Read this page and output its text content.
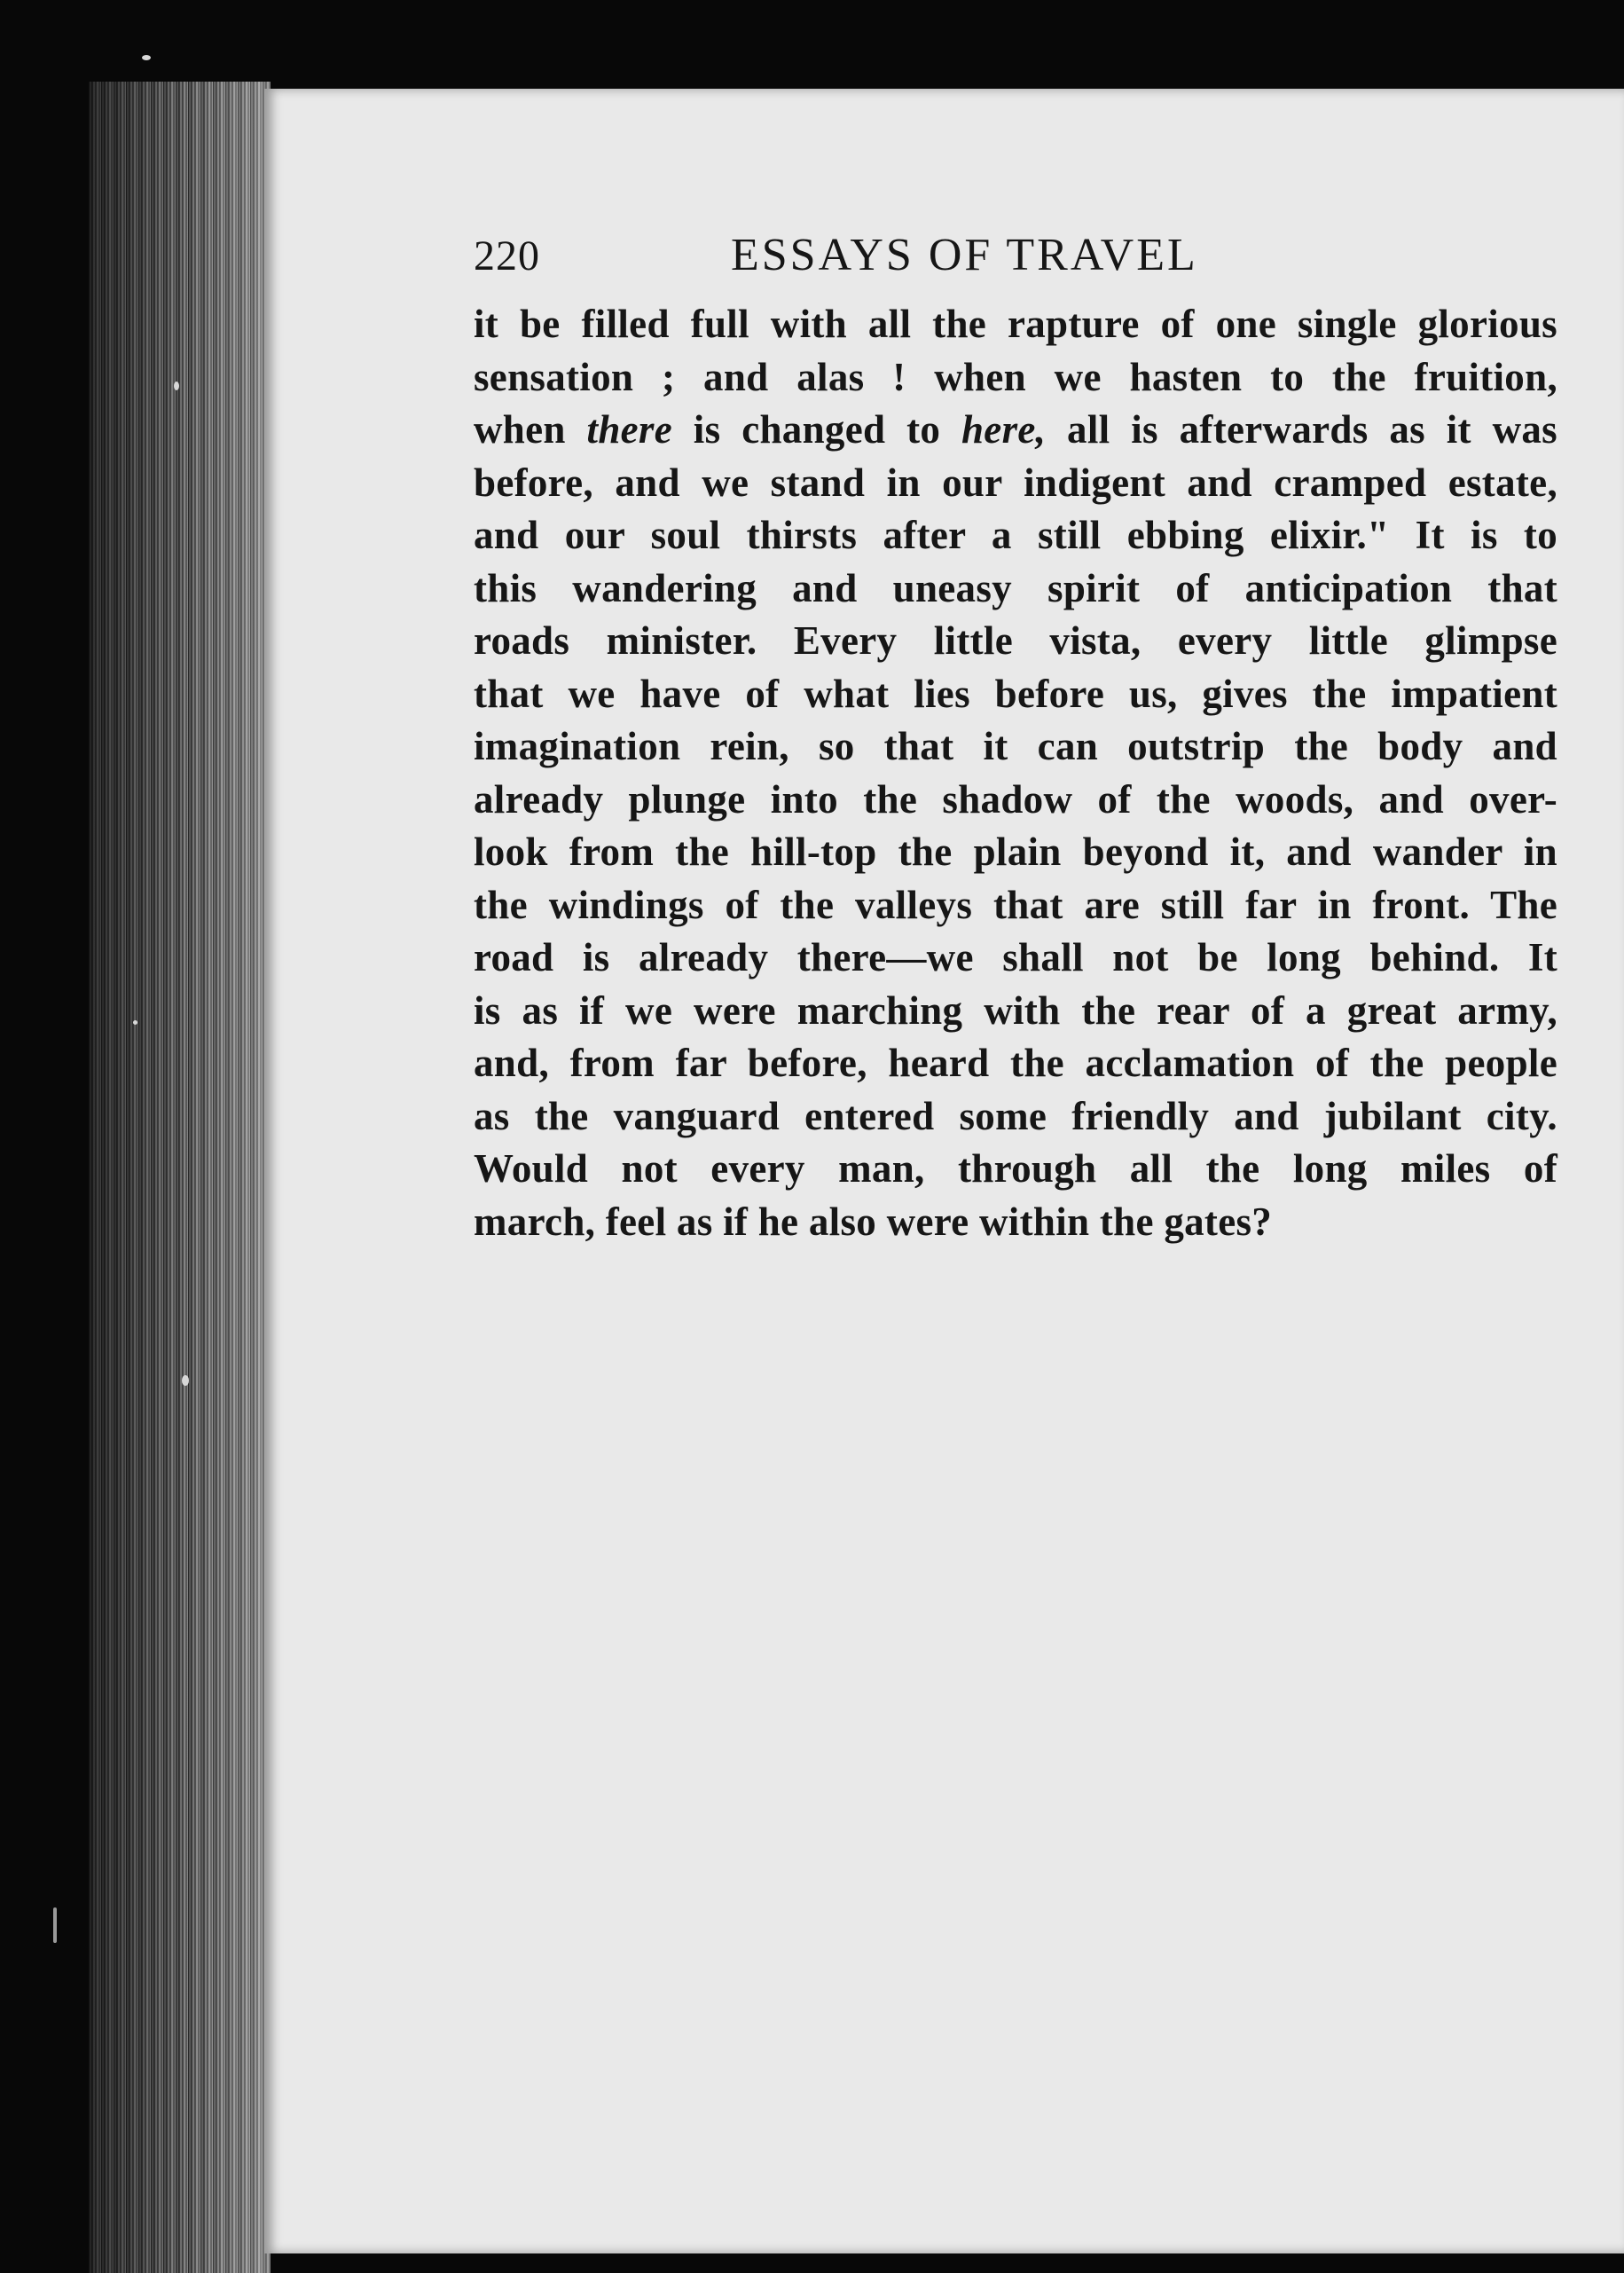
220	ESSAYS OF TRAVEL
it be filled full with all the rapture of one single glorious
sensation ; and alas ! when we hasten to the fruition,
when there is changed to here, all is afterwards as it was
before, and we stand in our indigent and cramped estate,
and our soul thirsts after a still ebbing elixir." It is to
this wandering and uneasy spirit of anticipation that
roads minister. Every little vista, every little glimpse
that we have of what lies before us, gives the impatient
imagination rein, so that it can outstrip the body and
already plunge into the shadow of the woods, and over-
look from the hill-top the plain beyond it, and wander in
the windings of the valleys that are still far in front. The
road is already there—we shall not be long behind. It
is as if we were marching with the rear of a great army,
and, from far before, heard the acclamation of the people
as the vanguard entered some friendly and jubilant city.
Would not every man, through all the long miles of
march, feel as if he also were within the gates?
